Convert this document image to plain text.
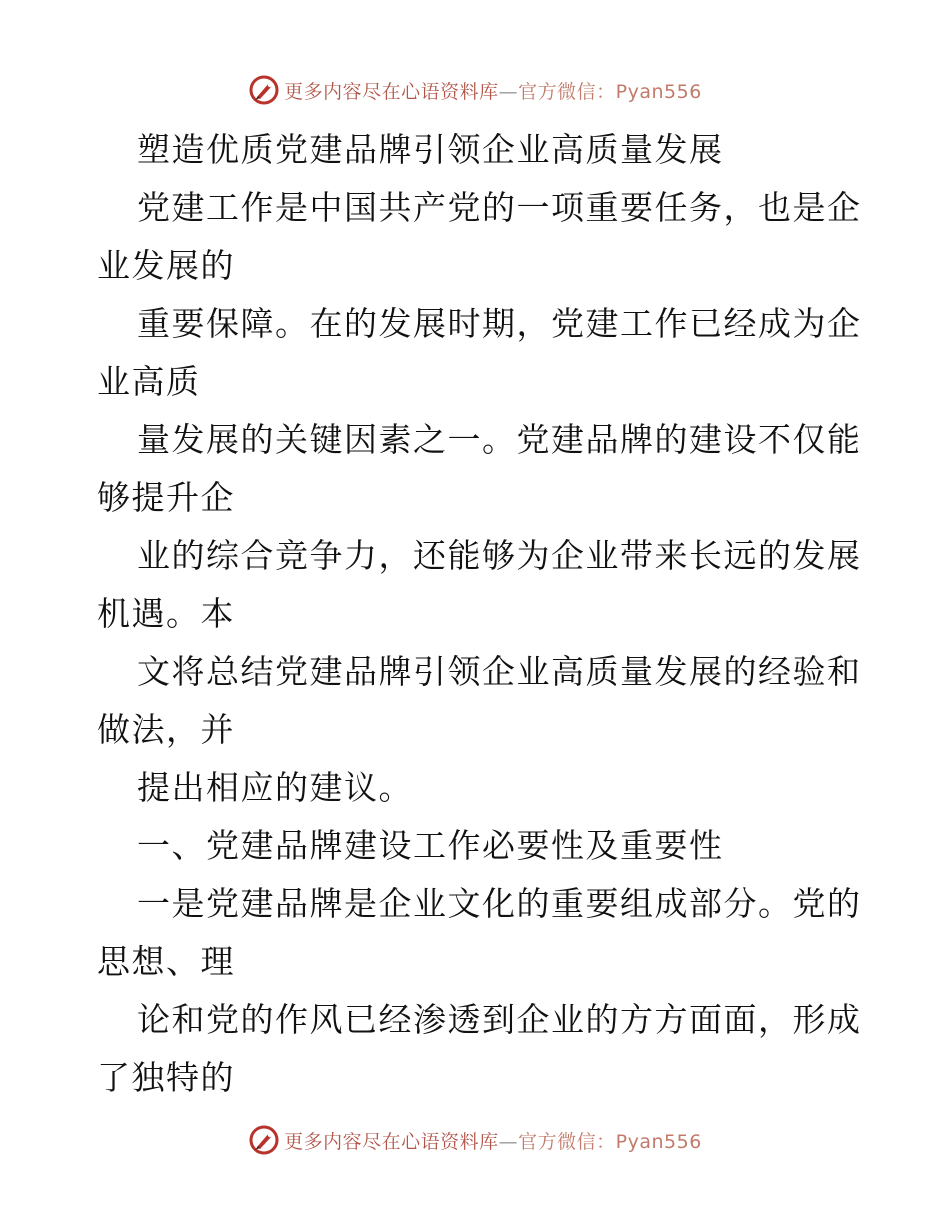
更多内容尽在心语资料库—官方微信：Pyan556
塑造优质党建品牌引领企业高质量发展
党建工作是中国共产党的一项重要任务，也是企
业发展的
重要保障。在的发展时期，党建工作已经成为企
业高质
量发展的关键因素之一。党建品牌的建设不仅能
够提升企
业的综合竞争力，还能够为企业带来长远的发展
机遇。本
文将总结党建品牌引领企业高质量发展的经验和
做法，并
提出相应的建议。
一、党建品牌建设工作必要性及重要性
一是党建品牌是企业文化的重要组成部分。党的
思想、理
论和党的作风已经渗透到企业的方方面面，形成
了独特的
更多内容尽在心语资料库—官方微信：Pyan556
